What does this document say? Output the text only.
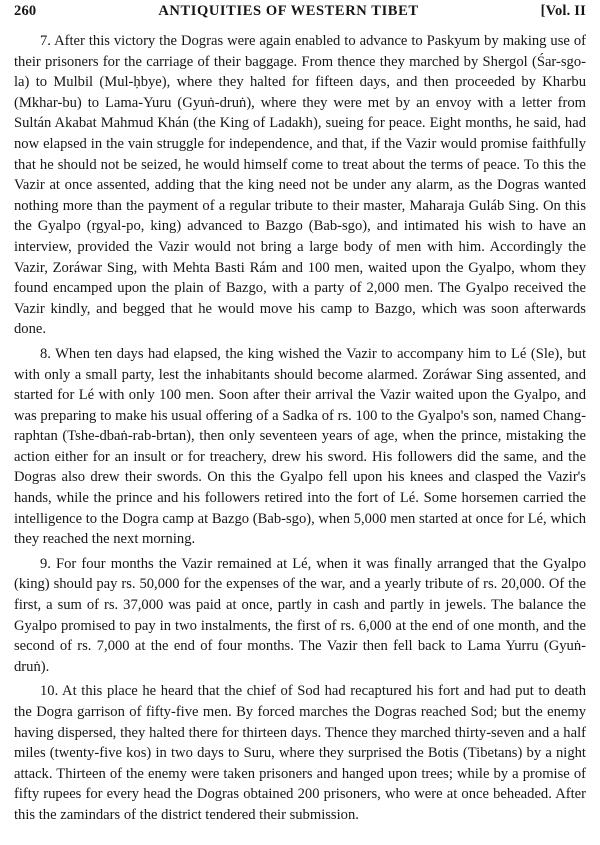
260	ANTIQUITIES OF WESTERN TIBET	[Vol. II

7. After this victory the Dogras were again enabled to advance to Paskyum by making use of their prisoners for the carriage of their baggage. From thence they marched by Shergol (Śar-sgo-la) to Mulbil (Mul-ḥbye), where they halted for fifteen days, and then proceeded by Kharbu (Mkhar-bu) to Lama-Yuru (Gyuṅ-druṅ), where they were met by an envoy with a letter from Sultán Akabat Mahmud Khán (the King of Ladakh), sueing for peace. Eight months, he said, had now elapsed in the vain struggle for independence, and that, if the Vazir would promise faithfully that he should not be seized, he would himself come to treat about the terms of peace. To this the Vazir at once assented, adding that the king need not be under any alarm, as the Dogras wanted nothing more than the payment of a regular tribute to their master, Maharaja Guláb Sing. On this the Gyalpo (rgyal-po, king) advanced to Bazgo (Bab-sgo), and intimated his wish to have an interview, provided the Vazir would not bring a large body of men with him. Accordingly the Vazir, Zoráwar Sing, with Mehta Basti Rám and 100 men, waited upon the Gyalpo, whom they found encamped upon the plain of Bazgo, with a party of 2,000 men. The Gyalpo received the Vazir kindly, and begged that he would move his camp to Bazgo, which was soon afterwards done.

8. When ten days had elapsed, the king wished the Vazir to accompany him to Lé (Sle), but with only a small party, lest the inhabitants should become alarmed. Zoráwar Sing assented, and started for Lé with only 100 men. Soon after their arrival the Vazir waited upon the Gyalpo, and was preparing to make his usual offering of a Sadka of rs. 100 to the Gyalpo's son, named Chang-raphtan (Tshe-dbaṅ-rab-brtan), then only seventeen years of age, when the prince, mistaking the action either for an insult or for treachery, drew his sword. His followers did the same, and the Dogras also drew their swords. On this the Gyalpo fell upon his knees and clasped the Vazir's hands, while the prince and his followers retired into the fort of Lé. Some horsemen carried the intelligence to the Dogra camp at Bazgo (Bab-sgo), when 5,000 men started at once for Lé, which they reached the next morning.

9. For four months the Vazir remained at Lé, when it was finally arranged that the Gyalpo (king) should pay rs. 50,000 for the expenses of the war, and a yearly tribute of rs. 20,000. Of the first, a sum of rs. 37,000 was paid at once, partly in cash and partly in jewels. The balance the Gyalpo promised to pay in two instalments, the first of rs. 6,000 at the end of one month, and the second of rs. 7,000 at the end of four months. The Vazir then fell back to Lama Yurru (Gyuṅ-druṅ).

10. At this place he heard that the chief of Sod had recaptured his fort and had put to death the Dogra garrison of fifty-five men. By forced marches the Dogras reached Sod; but the enemy having dispersed, they halted there for thirteen days. Thence they marched thirty-seven and a half miles (twenty-five kos) in two days to Suru, where they surprised the Botis (Tibetans) by a night attack. Thirteen of the enemy were taken prisoners and hanged upon trees; while by a promise of fifty rupees for every head the Dogras obtained 200 prisoners, who were at once beheaded. After this the zamindars of the district tendered their submission.
